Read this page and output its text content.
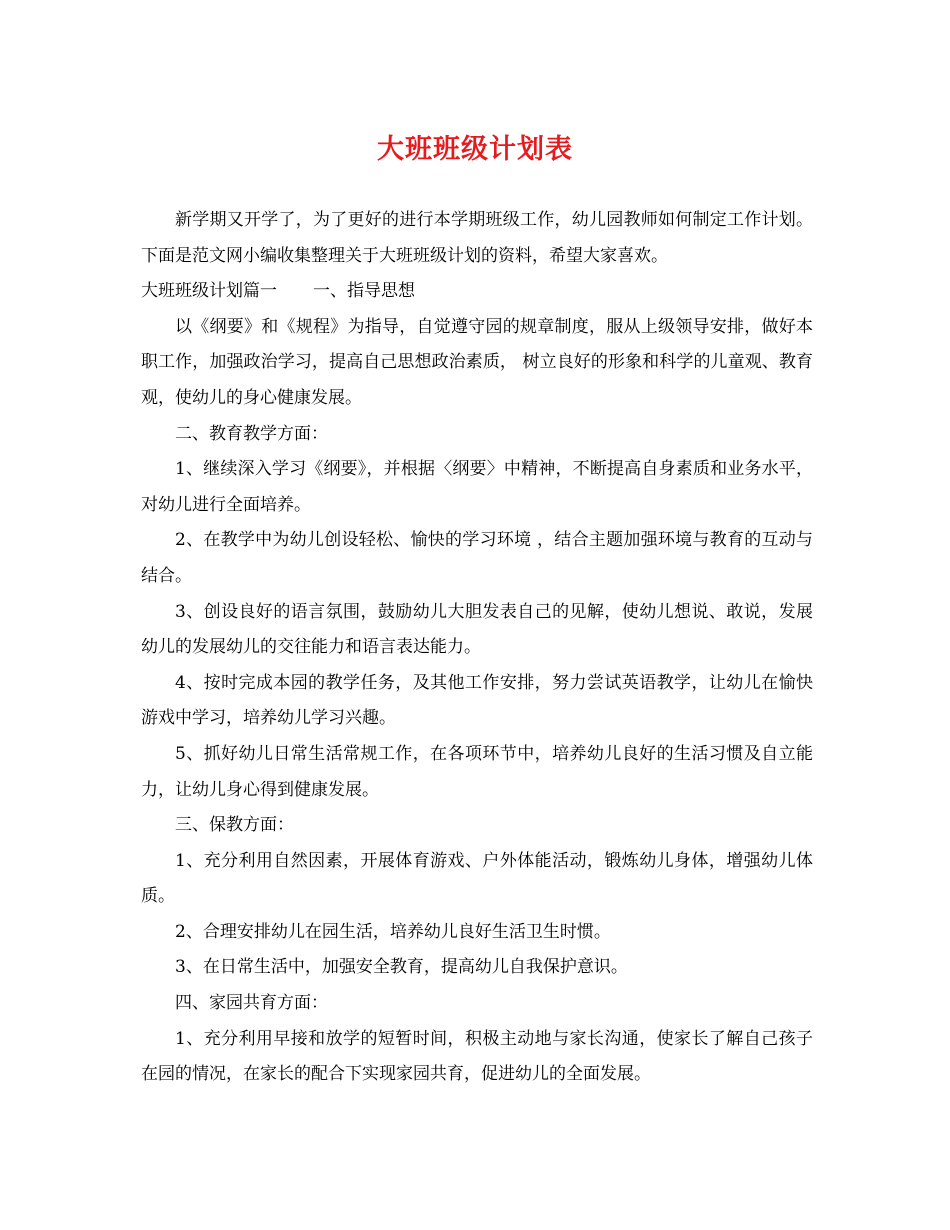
大班班级计划表

新学期又开学了，为了更好的进行本学期班级工作，幼儿园教师如何制定工作计划。下面是范文网小编收集整理关于大班班级计划的资料，希望大家喜欢。

大班班级计划篇一 一、指导思想

以《纲要》和《规程》为指导，自觉遵守园的规章制度，服从上级领导安排，做好本职工作，加强政治学习，提高自己思想政治素质， 树立良好的形象和科学的儿童观、教育观，使幼儿的身心健康发展。

二、教育教学方面：

1、继续深入学习《纲要》，并根据〈纲要〉中精神，不断提高自身素质和业务水平，对幼儿进行全面培养。

2、在教学中为幼儿创设轻松、愉快的学习环境 ，结合主题加强环境与教育的互动与结合。

3、创设良好的语言氛围，鼓励幼儿大胆发表自己的见解，使幼儿想说、敢说，发展幼儿的发展幼儿的交往能力和语言表达能力。

4、按时完成本园的教学任务，及其他工作安排，努力尝试英语教学，让幼儿在愉快游戏中学习，培养幼儿学习兴趣。

5、抓好幼儿日常生活常规工作，在各项环节中，培养幼儿良好的生活习惯及自立能力，让幼儿身心得到健康发展。

三、保教方面：

1、充分利用自然因素，开展体育游戏、户外体能活动，锻炼幼儿身体，增强幼儿体质。

2、合理安排幼儿在园生活，培养幼儿良好生活卫生时惯。

3、在日常生活中，加强安全教育，提高幼儿自我保护意识。

四、家园共育方面：

1、充分利用早接和放学的短暂时间，积极主动地与家长沟通，使家长了解自己孩子在园的情况，在家长的配合下实现家园共育，促进幼儿的全面发展。
